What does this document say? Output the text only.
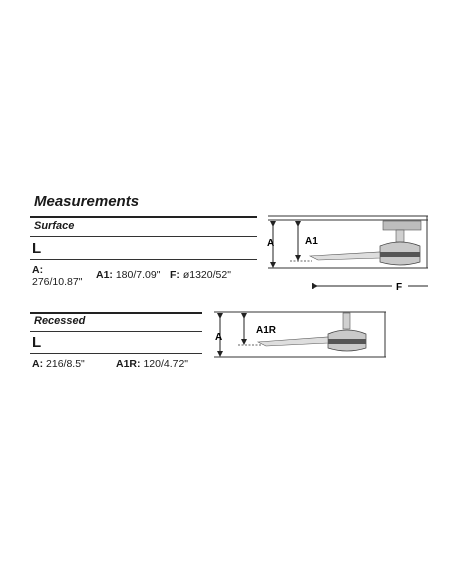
Measurements
Surface
L
A:
276/10.87"
A1: 180/7.09" F: ø1320/52"
Recessed
L
A: 216/8.5"	A1R: 120/4.72"
A	A1
F
A
A1R
